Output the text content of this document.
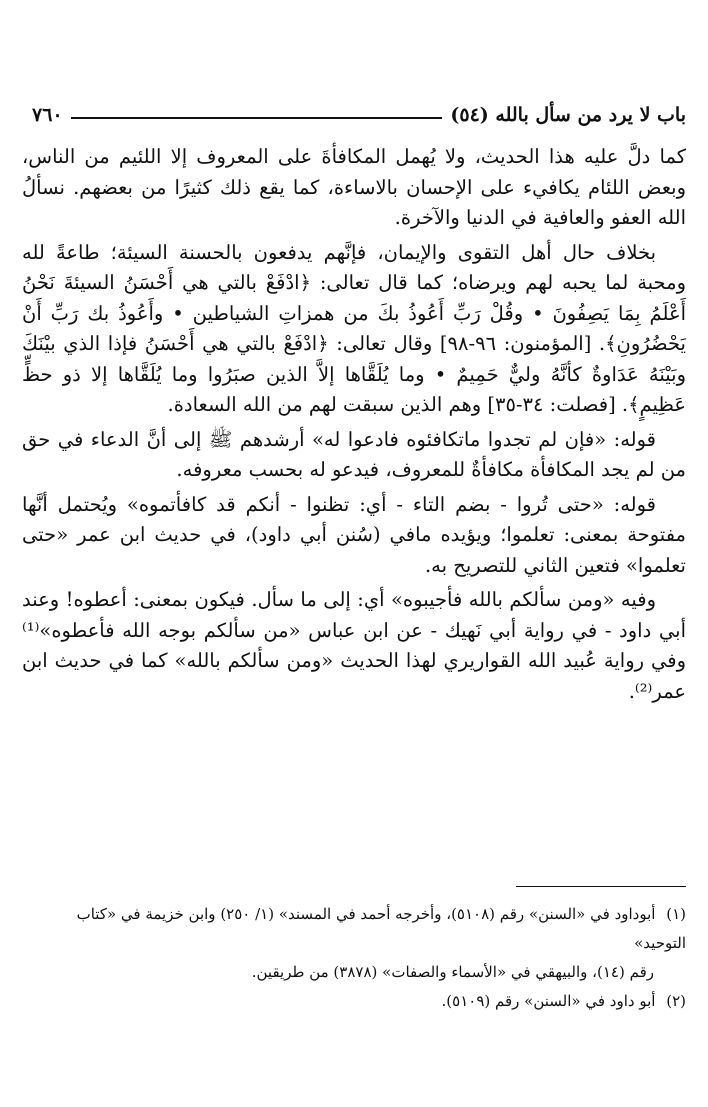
باب لا يرد من سأل بالله (٥٤)
٧٦٠

كما دلَّ عليه هذا الحديث، ولا يُهمل المكافأةَ على المعروف إلا اللئيم من الناس، وبعض اللئام يكافيء على الإحسان بالاساءة، كما يقع ذلك كثيرًا من بعضهم. نسألُ الله العفو والعافية في الدنيا والآخرة.

بخلاف حال أهل التقوى والإيمان، فإنَّهم يدفعون بالحسنة السيئة؛ طاعةً لله ومحبة لما يحبه لهم ويرضاه؛ كما قال تعالى: ﴿ادْفَعْ بالتي هي أَحْسَنُ السيئةَ نَحْنُ أَعْلَمُ بِمَا يَصِفُونَ • وقُلْ رَبِّ أَعُوذُ بكَ من همزاتِ الشياطين • وأَعُوذُ بك رَبِّ أَنْ يَحْضُرُونِ﴾. [المؤمنون: ٩٦-٩٨] وقال تعالى: ﴿ادْفَعْ بالتي هي أَحْسَنُ فإذا الذي بيْنَكَ وبَيْنَهُ عَدَاوةٌ كأنَّهُ وليٌّ حَمِيمٌ • وما يُلَقَّاها إلاَّ الذين صبَرُوا وما يُلَقَّاها إلا ذو حظٍّ عَظِيمٍ﴾. [فصلت: ٣٤-٣٥] وهم الذين سبقت لهم من الله السعادة.

قوله: «فإن لم تجدوا ماتكافئوه فادعوا له» أرشدهم ﷺ إلى أنَّ الدعاء في حق من لم يجد المكافأة مكافأةٌ للمعروف، فيدعو له بحسب معروفه.

قوله: «حتى تُروا - بضم التاء - أي: تظنوا - أنكم قد كافأتموه» ويُحتمل أنَّها مفتوحة بمعنى: تعلموا؛ ويؤيده مافي (سُنن أبي داود)، في حديث ابن عمر «حتى تعلموا» فتعين الثاني للتصريح به.

وفيه «ومن سألكم بالله فأجيبوه» أي: إلى ما سأل. فيكون بمعنى: أعطوه! وعند أبي داود - في رواية أبي نَهيك - عن ابن عباس «من سألكم بوجه الله فأعطوه»⁽¹⁾ وفي رواية عُبيد الله القواريري لهذا الحديث «ومن سألكم بالله» كما في حديث ابن عمر⁽²⁾.

(١) أبوداود في «السنن» رقم (٥١٠٨)، وأخرجه أحمد في المسند» (١/ ٢٥٠) وابن خزيمة في «كتاب التوحيد»

رقم (١٤)، والبيهقي في «الأسماء والصفات» (٣٨٧٨) من طريقين.

(٢) أبو داود في «السنن» رقم (٥١٠٩).
